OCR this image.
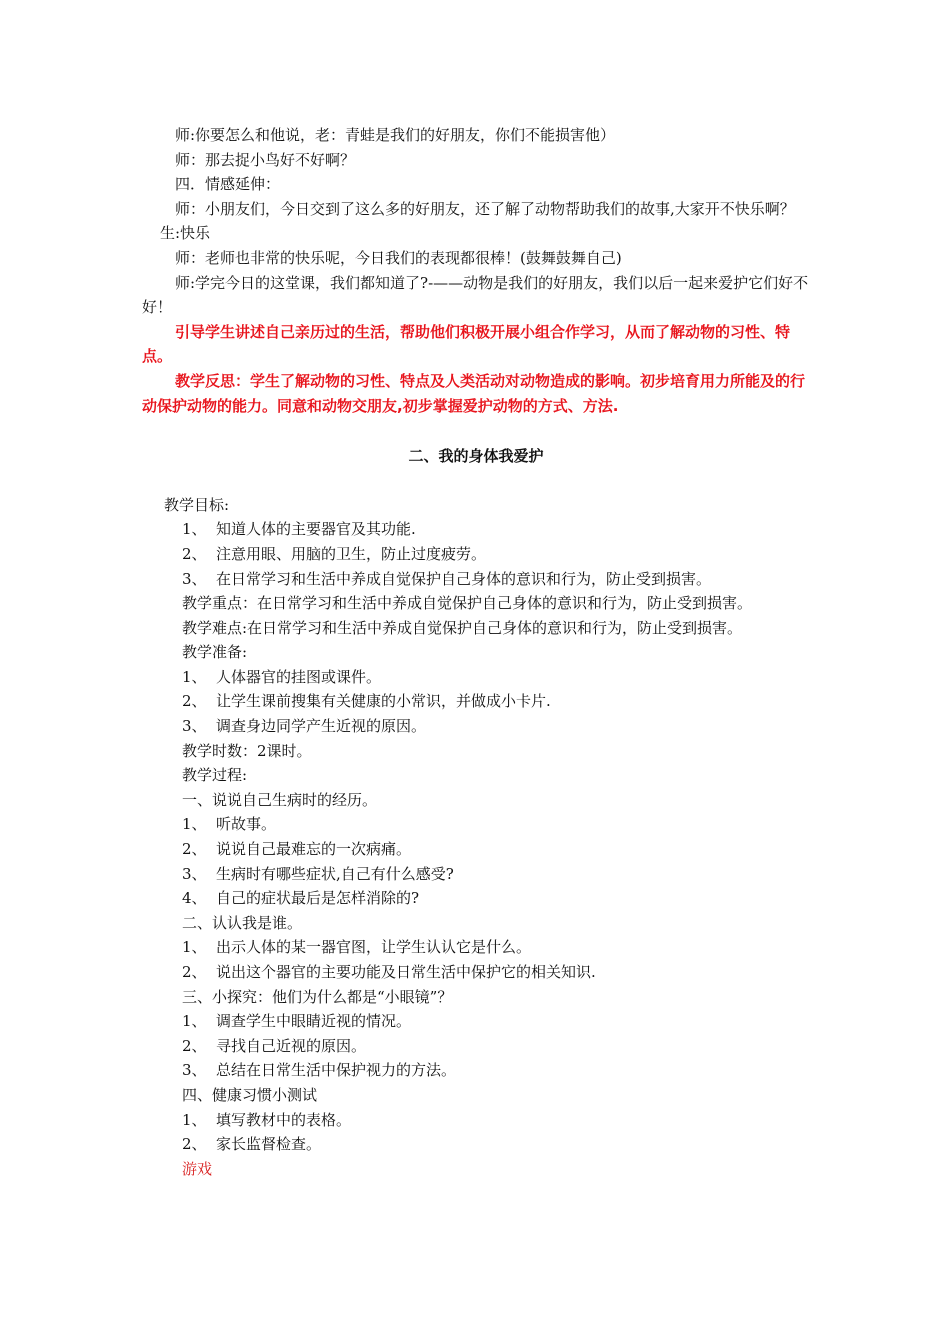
师:你要怎么和他说，老：青蛙是我们的好朋友，你们不能损害他）

师：那去捉小鸟好不好啊？

四．情感延伸：

师：小朋友们，今日交到了这么多的好朋友，还了解了动物帮助我们的故事,大家开不快乐啊？

生:快乐

师：老师也非常的快乐呢，今日我们的表现都很棒！(鼓舞鼓舞自己)

师:学完今日的这堂课，我们都知道了?-——动物是我们的好朋友，我们以后一起来爱护它们好不好！

引导学生讲述自己亲历过的生活，帮助他们积极开展小组合作学习，从而了解动物的习性、特点。

教学反思：学生了解动物的习性、特点及人类活动对动物造成的影响。初步培育用力所能及的行动保护动物的能力。同意和动物交朋友,初步掌握爱护动物的方式、方法.

二、我的身体我爱护

教学目标:

1、 知道人体的主要器官及其功能.

2、 注意用眼、用脑的卫生，防止过度疲劳。

3、 在日常学习和生活中养成自觉保护自己身体的意识和行为，防止受到损害。

教学重点：在日常学习和生活中养成自觉保护自己身体的意识和行为，防止受到损害。

教学难点:在日常学习和生活中养成自觉保护自己身体的意识和行为，防止受到损害。

教学准备:

1、 人体器官的挂图或课件。

2、 让学生课前搜集有关健康的小常识，并做成小卡片.

3、 调查身边同学产生近视的原因。

教学时数：2课时。

教学过程:

一、说说自己生病时的经历。

1、 听故事。

2、 说说自己最难忘的一次病痛。

3、 生病时有哪些症状,自己有什么感受?

4、 自己的症状最后是怎样消除的?

二、认认我是谁。

1、 出示人体的某一器官图，让学生认认它是什么。

2、 说出这个器官的主要功能及日常生活中保护它的相关知识.

三、小探究：他们为什么都是“小眼镜”？

1、 调查学生中眼睛近视的情况。

2、 寻找自己近视的原因。

3、 总结在日常生活中保护视力的方法。

四、健康习惯小测试

1、 填写教材中的表格。

2、 家长监督检查。

游戏
